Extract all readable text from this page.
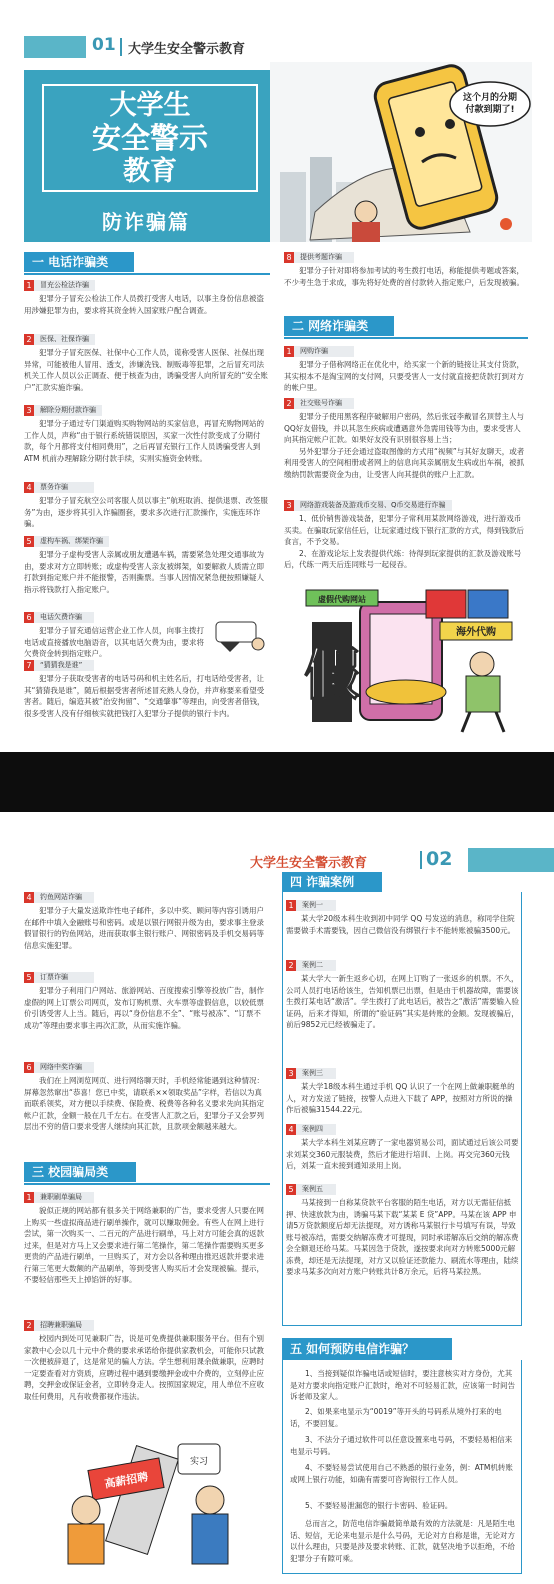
01 大学生安全警示教育
大学生
安全警示
教育
防诈骗篇
这个月的分期
付款到期了!
一 电话诈骗类
1	冒充公检法诈骗
犯罪分子冒充公检法工作人员拨打受害人电话，以事主身份信息被盗用涉嫌犯罪为由，要求将其资金转入国家账户配合调查。
2	医保、社保诈骗
犯罪分子冒充医保、社保中心工作人员，谎称受害人医保、社保出现异常，可能被他人冒用、透支，涉嫌洗钱、制贩毒等犯罪，之后冒充司法机关工作人员以公正调查、便于核查为由，诱骗受害人向所冒充的“安全账户”汇款实施诈骗。
3	解除分期付款诈骗
犯罪分子通过专门渠道购买购物网站的买家信息，再冒充购物网站的工作人员，声称“由于银行系统错误原因，买家一次性付款变成了分期付款，每个月都将支付相同费用”，之后再冒充银行工作人员诱骗受害人到 ATM 机前办理解除分期付款手续，实则实施资金转账。
4	票务诈骗
犯罪分子冒充航空公司客服人员以事主“航班取消、提供退票、改签服务”为由，逐步将其引入诈骗圈套，要求多次进行汇款操作，实施连环诈骗。
5	虚构车祸、绑架诈骗
犯罪分子虚构受害人亲属或朋友遭遇车祸，需要紧急处理交通事故为由，要求对方立即转账；或虚构受害人亲友被绑架，如要解救人质需立即打款到指定账户并不能报警，否则撕票。当事人因情况紧急便按照嫌疑人指示将钱款打入指定账户。
6	电话欠费诈骗
犯罪分子冒充通信运营企业工作人员，向事主拨打电话或直接播放电脑语音，以其电话欠费为由，要求将欠费资金转到指定账户。
7	“猜猜我是谁”
犯罪分子获取受害者的电话号码和机主姓名后，打电话给受害者，让其“猜猜我是谁”，随后根据受害者所述冒充熟人身份，并声称要来看望受害者。随后，编造其被“治安拘留”、“交通肇事”等理由，向受害者借钱，很多受害人没有仔细核实就把钱打入犯罪分子提供的银行卡内。
8	提供考题诈骗
犯罪分子针对即将参加考试的考生拨打电话，称能提供考题或答案，不少考生急于求成，事先将好处费的首付款转入指定账户，后发现被骗。
二 网络诈骗类
1	网购诈骗
犯罪分子借称网络正在优化中，给买家一个新的链接让其支付货款，其实根本不是淘宝网的支付网，只要受害人一支付就直接把货款打到对方的帐户里。
2	社交账号诈骗
犯罪分子使用黑客程序破解用户密码，然后张冠李戴冒名顶替主人与QQ好友借钱，并以其忽生疾病或遭遇意外急需用钱等为由，要求受害人向其指定帐户汇款。如果好友没有识别很容易上当；
另外犯罪分子还会通过盗取图像的方式用“视频”与其好友聊天，或者利用受害人的空间相册或者网上的信息向其亲属朋友生病或出车祸，被抓缴纳罚款需要资金为由，让受害人向其提供的账户上汇款。
3	网络游戏装备及游戏币交易、Q币交易进行诈骗
1、低价销售游戏装备，犯罪分子常利用某款网络游戏，进行游戏币买卖。在骗取玩家信任后，让玩家通过线下银行汇款的方式，得到钱款后食言，不予交易。
2、在游戏论坛上发表提供代练：待得到玩家提供的汇款及游戏账号后，代练一两天后连同账号一起侵吞。
假
虚假代购网站
海外代购
大学生安全警示教育	02
4	钓鱼网站诈骗
犯罪分子大量发送欺诈性电子邮件，多以中奖、顾问等内容引诱用户在邮件中填入金融账号和密码。或是以银行网银升级为由，要求事主登录假冒银行的钓鱼网站，进而获取事主银行账户、网银密码及手机交易码等信息实施犯罪。
5	订票诈骗
犯罪分子利用门户网站、旅游网站、百度搜索引擎等投放广告，制作虚假的网上订票公司网页，发布订购机票、火车票等虚假信息，以较低票价引诱受害人上当。随后，再以“身份信息不全”、“账号被冻”、“订票不成功”等理由要求事主再次汇款，从而实施诈骗。
6	网络中奖诈骗
我们在上网浏览网页、进行网络聊天时，手机经常能遇到这种情况：屏幕忽然窜出“恭喜！您已中奖，请联系××领取奖品”字样，若信以为真而联系领奖，对方便以手续费、保险费、税费等各种名义要求先向其指定帐户汇款，金额一般在几千左右。在受害人汇款之后，犯罪分子又会罗列层出不穷的借口要求受害人继续向其汇款，且款项金额越来越大。
三 校园骗局类
1	兼职刷单骗局
貌似正规的网站都有很多关于网络兼职的广告，要求受害人只要在网上购买一些虚拟商品进行刷单操作，就可以赚取佣金。有些人在网上进行尝试，第一次购买一、二百元的产品进行刷单，马上对方可能会真的返款过来，但是对方马上又会要求进行第二笔操作，第二笔操作需要购买更多更贵的产品进行刷单，一旦购买了，对方会以各种理由推迟返款并要求进行第三笔更大数额的产品刷单，等到受害人购买后才会发现被骗。提示，不要轻信那些天上掉馅饼的好事。
2	招聘兼职骗局
校园内到处可见兼职广告，说是可免费提供兼职服务平台。但有个别家教中心会以几十元中介费的要求承诺给你提供家教机会，可能你只试教一次便被辞退了，这是常见的骗人方法。学生想利用课余做兼职，应聘时一定要查看对方资质，应聘过程中遇到要缴押金或中介费的，立刻停止应聘，交押金或保证金者，立即转身走人。按照国家规定，用人单位不应收取任何费用，凡有收费都视作违法。
高薪招聘
实习
四 诈骗案例
1	案例一
某大学20级本科生收到初中同学 QQ 号发送的消息，称同学住院需要做手术需要钱，因自己微信没有绑银行卡不能转账被骗3500元。
2	案例二
某大学大一新生返乡心切，在网上订购了一张返乡的机票。不久，公司人员打电话给该生，告知机票已出票，但是由于机器故障，需要该生拨打某电话“激活”。学生拨打了此电话后，被告之“激活”需要输入验证码，后来才得知，所谓的“验证码”其实是转账的金额。发现被骗后，前后9852元已经被骗走了。
3	案例三
某大学18级本科生通过手机 QQ 认识了一个在网上做兼职艇单的人，对方发送了链接，按警人点进入下载了 APP，按照对方所说的操作后被骗31544.22元。
4	案例四
某大学本科生刘某应聘了一家电器贸易公司，面试通过后该公司要求刘某交360元服装费，然后才能进行培训、上岗。再交完360元钱后，刘某一直未接到通知录用上岗。
5	案例五
马某接到一自称某贷款平台客服的陌生电话，对方以无需征信抵押、快速放款为由，诱骗马某下载“某某 E 贷”APP。马某在该 APP 申请5万贷款额度后却无法提现，对方诱称马某银行卡号填写有误，导致账号被冻结，需要交纳解冻费才可提现，同时承诺解冻后交纳的解冻费会全额退还给马某。马某因急于贷款，遂按要求向对方转账5000元解冻费，却还是无法提现，对方又以验证还款能力、刷流水等理由，陆续要求马某多次向对方账户转账共计8万余元，后将马某拉黑。
五 如何预防电信诈骗？
1、当接到疑似诈骗电话或短信时，要注意核实对方身份，尤其是对方要求向指定账户汇款时，绝对不可轻易汇款，应该第一时间告诉老师及家人。
2、如果来电显示为“0019”等开头的号码系从境外打来的电话，不要回复。
3、不法分子通过软件可以任意设置来电号码，不要轻易相信来电显示号码。
4、不要轻易尝试使用自己不熟悉的银行业务，例：ATM机转账或网上银行功能，如确有需要可咨询银行工作人员。
5、不要轻易泄漏您的银行卡密码、验证码。
总而言之，防范电信诈骗最简单最有效的方法就是：凡是陌生电话、短信，无论来电显示是什么号码，无论对方自称是谁，无论对方以什么理由，只要是涉及要求转账、汇款，就坚决地予以拒绝，不给犯罪分子有隙可乘。
